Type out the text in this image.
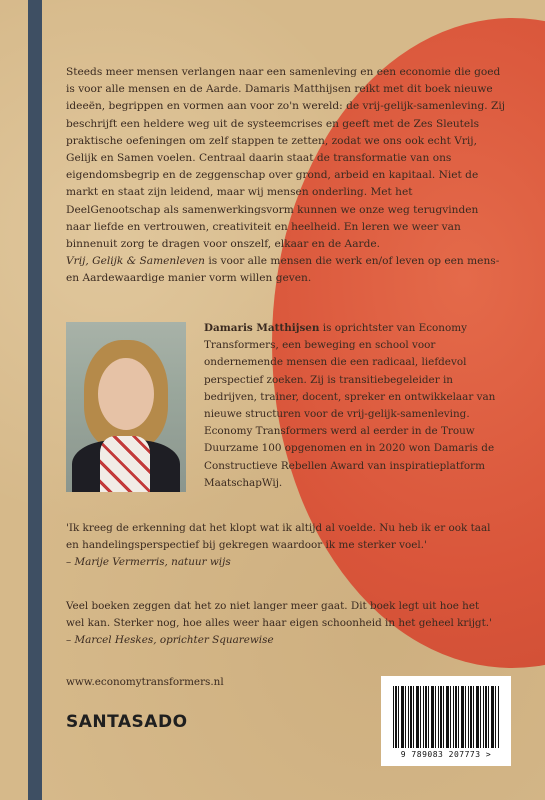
Steeds meer mensen verlangen naar een samenleving en een economie die goed is voor alle mensen en de Aarde. Damaris Matthijsen reikt met dit boek nieuwe ideeën, begrippen en vormen aan voor zo'n wereld: de vrij-gelijk-samenleving. Zij beschrijft een heldere weg uit de systeemcrises en geeft met de Zes Sleutels praktische oefeningen om zelf stappen te zetten, zodat we ons ook echt Vrij, Gelijk en Samen voelen. Centraal daarin staat de transformatie van ons eigendomsbegrip en de zeggenschap over grond, arbeid en kapitaal. Niet de markt en staat zijn leidend, maar wij mensen onderling. Met het DeelGenootschap als samenwerkingsvorm kunnen we onze weg terugvinden naar liefde en vertrouwen, creativiteit en heelheid. En leren we weer van binnenuit zorg te dragen voor onszelf, elkaar en de Aarde.

Vrij, Gelijk & Samenleven is voor alle mensen die werk en/of leven op een mens- en Aardewaardige manier vorm willen geven.

Damaris Matthijsen is oprichtster van Economy Transformers, een beweging en school voor ondernemende mensen die een radicaal, liefdevol perspectief zoeken. Zij is transitiebegeleider in bedrijven, trainer, docent, spreker en ontwikkelaar van nieuwe structuren voor de vrij-gelijk-samenleving. Economy Transformers werd al eerder in de Trouw Duurzame 100 opgenomen en in 2020 won Damaris de Constructieve Rebellen Award van inspiratieplatform MaatschapWij.
'Ik kreeg de erkenning dat het klopt wat ik altijd al voelde. Nu heb ik er ook taal en handelingsperspectief bij gekregen waardoor ik me sterker voel.'
– Marije Vermerris, natuur wijs
Veel boeken zeggen dat het zo niet langer meer gaat. Dit boek legt uit hoe het wel kan. Sterker nog, hoe alles weer haar eigen schoonheid in het geheel krijgt.'
– Marcel Heskes, oprichter Squarewise
www.economytransformers.nl
SANTASADO
9 789083 207773 >
